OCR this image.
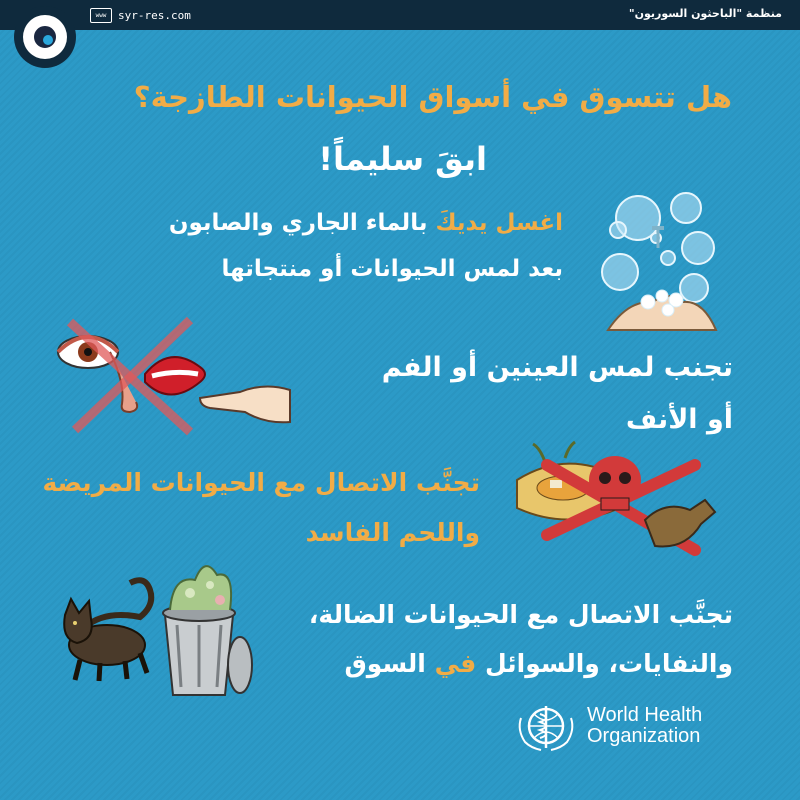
www	syr-res.com	منظمة "الباحثون السوريون"
هل تتسوق في أسواق الحيوانات الطازجة؟
ابقَ سليماً!
اغسل يديكَ بالماء الجاري والصابون
بعد لمس الحيوانات أو منتجاتها
تجنب لمس العينين أو الفم
أو الأنف
تجنَّب الاتصال مع الحيوانات المريضة
واللحم الفاسد
تجنَّب الاتصال مع الحيوانات الضالة،
والنفايات، والسوائل في السوق
World Health
Organization
